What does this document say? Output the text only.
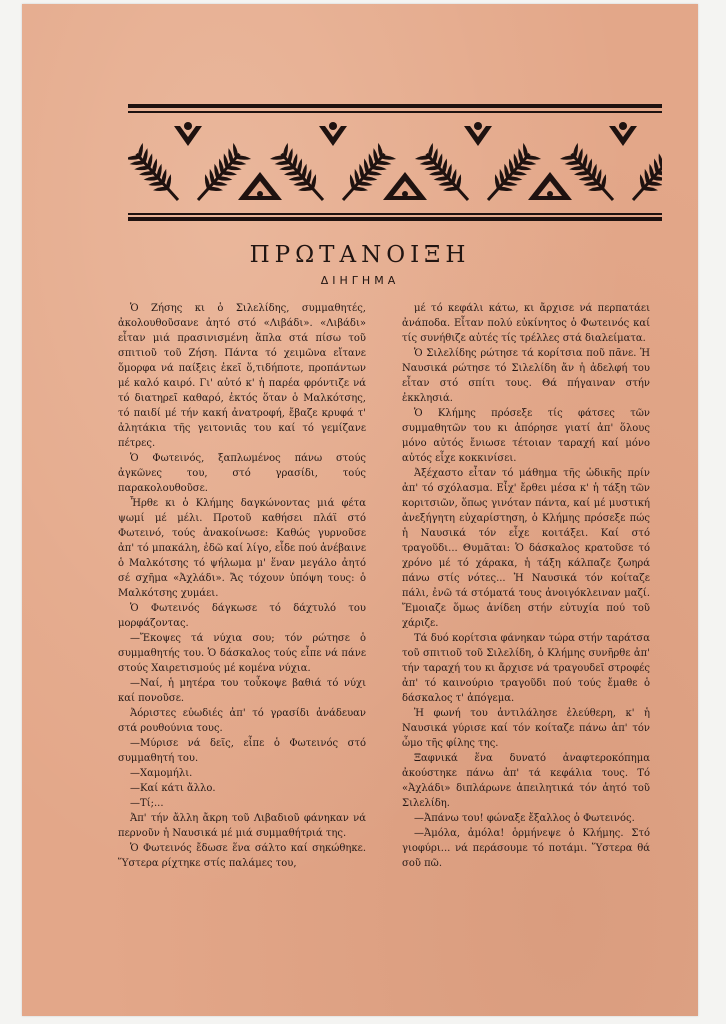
ΠΡΩΤΑΝΟΙΞΗ
ΔΙΗΓΗΜΑ

Ὁ Ζήσης κι ὁ Σιλελίδης, συμμαθητές, ἀκολουθοῦσανε ἀητό στό «Λιβάδι». «Λιβάδι» εἶταν μιά πρασινισμένη ἅπλα στά πίσω τοῦ σπιτιοῦ τοῦ Ζήση. Πάντα τό χειμῶνα εἴτανε ὅμορφα νά παίξεις ἐκεῖ ὅ,τιδήποτε, προπάντων μέ καλό καιρό. Γι' αὐτό κ' ἡ παρέα φρόντιζε νά τό διατηρεῖ καθαρό, ἐκτός ὅταν ὁ Μαλκότσης, τό παιδί μέ τήν κακή ἀνατροφή, ἔβαζε κρυφά τ' ἀλητάκια τῆς γειτονιᾶς του καί τό γεμίζανε πέτρες.

Ὁ Φωτεινός, ξαπλωμένος πάνω στούς ἀγκῶνες του, στό γρασίδι, τούς παρακολουθοῦσε.

Ἦρθε κι ὁ Κλήμης δαγκώνοντας μιά φέτα ψωμί μέ μέλι. Προτοῦ καθήσει πλάϊ στό Φωτεινό, τούς ἀνακοίνωσε: Καθώς γυρνοῦσε ἀπ' τό μπακάλη, ἐδῶ καί λίγο, εἶδε πού ἀνέβαινε ὁ Μαλκότσης τό ψήλωμα μ' ἕναν μεγάλο ἀητό σέ σχῆμα «Ἀχλάδι». Ἄς τόχουν ὑπόψη τους: ὁ Μαλκότσης χυμάει.

Ὁ Φωτεινός δάγκωσε τό δάχτυλό του μορφάζοντας.

—Ἔκοψες τά νύχια σου; τόν ρώτησε ὁ συμμαθητής του. Ὁ δάσκαλος τούς εἶπε νά πάνε στούς Χαιρετισμούς μέ κομένα νύχια.

—Ναί, ἡ μητέρα του τοὖκοψε βαθιά τό νύχι καί πονοῦσε.

Ἀόριστες εὐωδιές ἀπ' τό γρασίδι ἀνάδευαν στά ρουθούνια τους.

—Μύρισε νά δεῖς, εἶπε ὁ Φωτεινός στό συμμαθητή του.

—Χαμομήλι.

—Καί κάτι ἄλλο.

—Τί;...

Ἀπ' τήν ἄλλη ἄκρη τοῦ Λιβαδιοῦ φάνηκαν νά περνοῦν ἡ Ναυσικά μέ μιά συμμαθήτριά της.

Ὁ Φωτεινός ἔδωσε ἕνα σάλτο καί σηκώθηκε. Ὕστερα ρίχτηκε στίς παλάμες του,

μέ τό κεφάλι κάτω, κι ἄρχισε νά περπατάει ἀνάποδα. Εἶταν πολύ εὐκίνητος ὁ Φωτεινός καί τίς συνήθιζε αὐτές τίς τρέλλες στά διαλείματα.

Ὁ Σιλελίδης ρώτησε τά κορίτσια ποῦ πᾶνε. Ἡ Ναυσικά ρώτησε τό Σιλελίδη ἄν ἡ ἀδελφή του εἶταν στό σπίτι τους. Θά πήγαιναν στήν ἐκκλησιά.

Ὁ Κλήμης πρόσεξε τίς φάτσες τῶν συμμαθητῶν του κι ἀπόρησε γιατί ἀπ' ὅλους μόνο αὐτός ἔνιωσε τέτοιαν ταραχή καί μόνο αὐτός εἶχε κοκκινίσει.

Ἀξέχαστο εἶταν τό μάθημα τῆς ὠδικῆς πρίν ἀπ' τό σχόλασμα. Εἶχ' ἔρθει μέσα κ' ἡ τάξη τῶν κοριτσιῶν, ὅπως γινόταν πάντα, καί μέ μυστική ἀνεξήγητη εὐχαρίστηση, ὁ Κλήμης πρόσεξε πώς ἡ Ναυσικά τόν εἶχε κοιτάξει. Καί στό τραγοῦδι... Θυμᾶται: Ὁ δάσκαλος κρατοῦσε τό χρόνο μέ τό χάρακα, ἡ τάξη κάλπαζε ζωηρά πάνω στίς νότες... Ἡ Ναυσικά τόν κοίταζε πάλι, ἐνῶ τά στόματά τους ἀνοιγόκλειναν μαζί. Ἔμοιαζε ὅμως ἀνίδεη στήν εὐτυχία πού τοῦ χάριζε.

Τά δυό κορίτσια φάνηκαν τώρα στήν ταράτσα τοῦ σπιτιοῦ τοῦ Σιλελίδη, ὁ Κλήμης συνῆρθε ἀπ' τήν ταραχή του κι ἄρχισε νά τραγουδεῖ στροφές ἀπ' τό καινούριο τραγοῦδι πού τούς ἔμαθε ὁ δάσκαλος τ' ἀπόγεμα.

Ἡ φωνή του ἀντιλάλησε ἐλεύθερη, κ' ἡ Ναυσικά γύρισε καί τόν κοίταζε πάνω ἀπ' τόν ὦμο τῆς φίλης της.

Ξαφνικά ἕνα δυνατό ἀναφτεροκόπημα ἀκούστηκε πάνω ἀπ' τά κεφάλια τους. Τό «Ἀχλάδι» διπλάρωνε ἀπειλητικά τόν ἀητό τοῦ Σιλελίδη.

—Ἀπάνω του! φώναξε ἔξαλλος ὁ Φωτεινός.

—Ἀμόλα, ἀμόλα! ὁρμήνεψε ὁ Κλήμης. Στό γιοφύρι... νά περάσουμε τό ποτάμι. Ὕστερα θά σοῦ πῶ.
